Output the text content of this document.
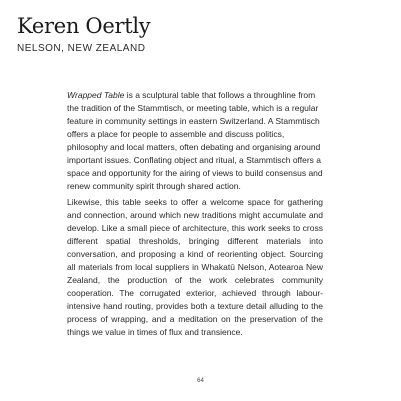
Keren Oertly
NELSON, NEW ZEALAND

Wrapped Table is a sculptural table that follows a throughline from the tradition of the Stammtisch, or meeting table, which is a regular feature in community settings in eastern Switzerland. A Stammtisch offers a place for people to assemble and discuss politics, philosophy and local matters, often debating and organising around important issues. Conflating object and ritual, a Stammtisch offers a space and opportunity for the airing of views to build consensus and renew community spirit through shared action.

Likewise, this table seeks to offer a welcome space for gathering and connection, around which new traditions might accumulate and develop. Like a small piece of architecture, this work seeks to cross different spatial thresholds, bringing different materials into conversation, and proposing a kind of reorienting object. Sourcing all materials from local suppliers in Whakatū Nelson, Aotearoa New Zealand, the production of the work celebrates community cooperation. The corrugated exterior, achieved through labour-intensive hand routing, provides both a texture detail alluding to the process of wrapping, and a meditation on the preservation of the things we value in times of flux and transience.

64
